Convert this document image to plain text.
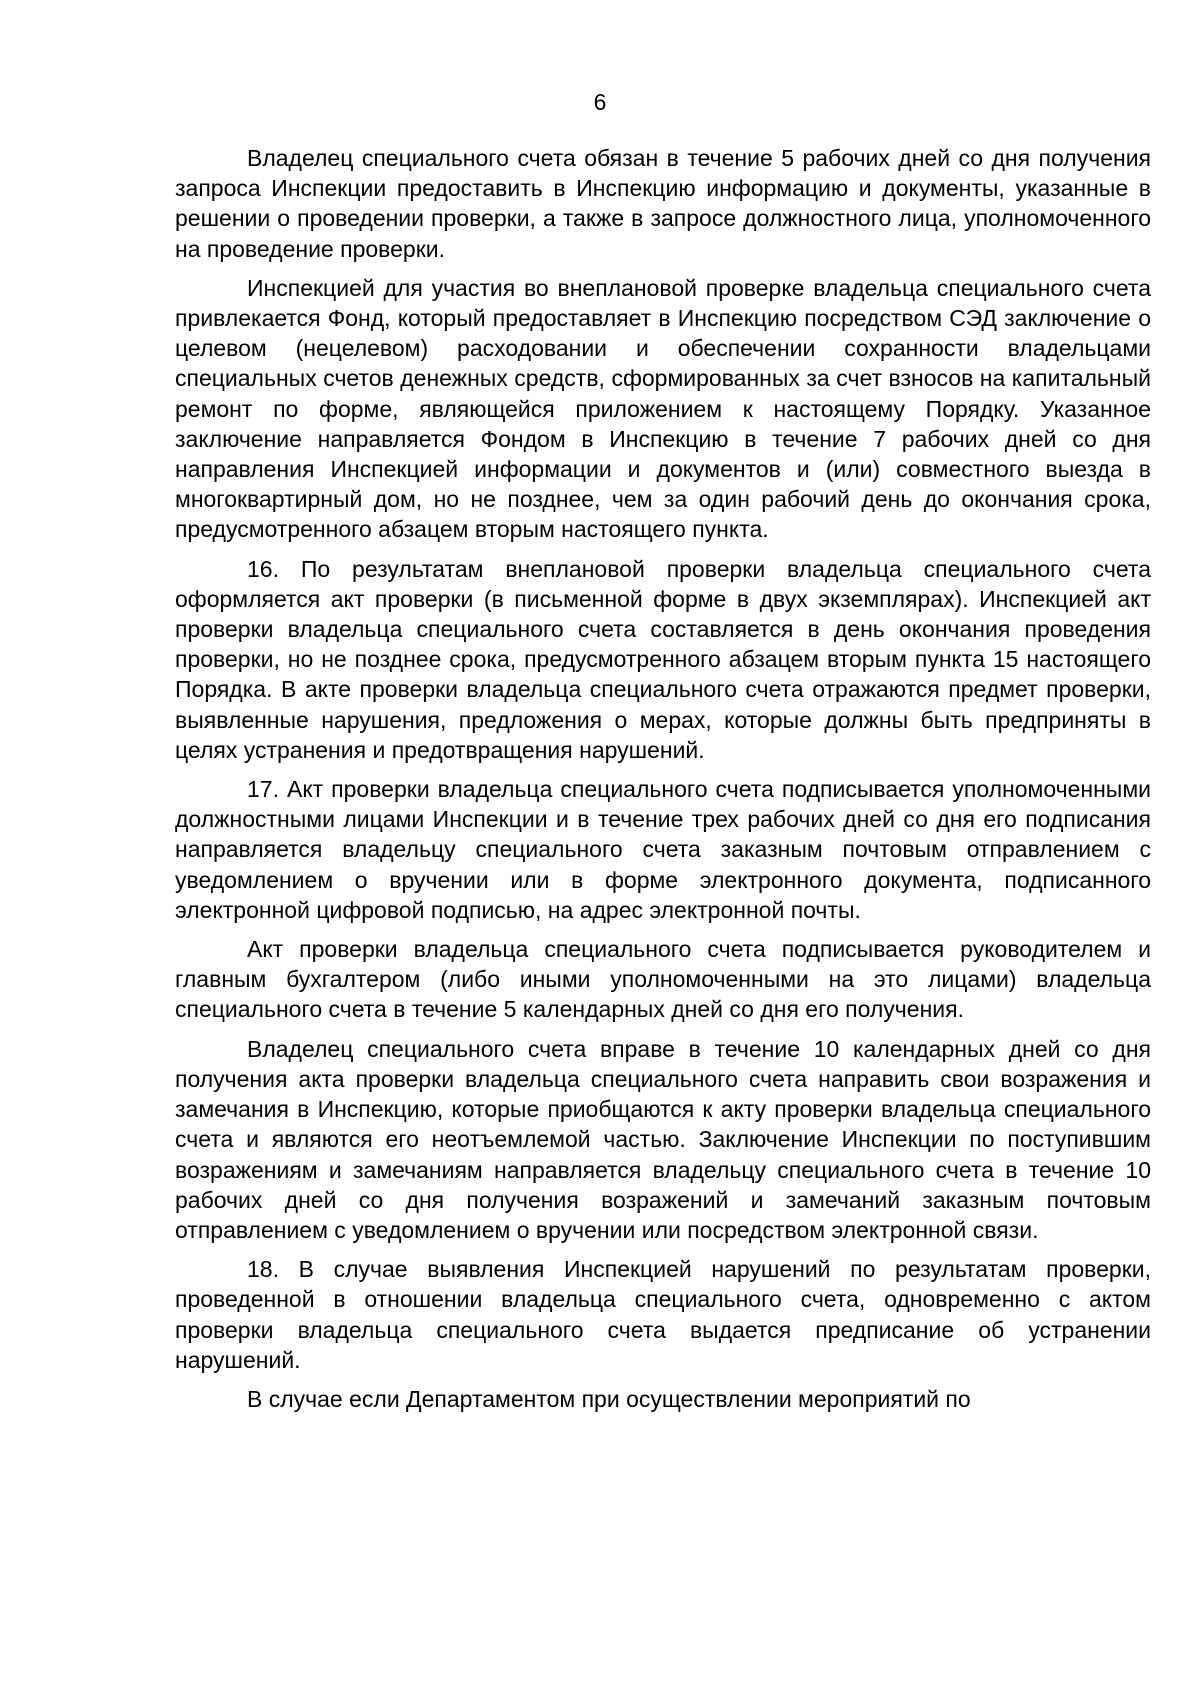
6

Владелец специального счета обязан в течение 5 рабочих дней со дня получения запроса Инспекции предоставить в Инспекцию информацию и документы, указанные в решении о проведении проверки, а также в запросе должностного лица, уполномоченного на проведение проверки.

Инспекцией для участия во внеплановой проверке владельца специального счета привлекается Фонд, который предоставляет в Инспекцию посредством СЭД заключение о целевом (нецелевом) расходовании и обеспечении сохранности владельцами специальных счетов денежных средств, сформированных за счет взносов на капитальный ремонт по форме, являющейся приложением к настоящему Порядку. Указанное заключение направляется Фондом в Инспекцию в течение 7 рабочих дней со дня направления Инспекцией информации и документов и (или) совместного выезда в многоквартирный дом, но не позднее, чем за один рабочий день до окончания срока, предусмотренного абзацем вторым настоящего пункта.

16. По результатам внеплановой проверки владельца специального счета оформляется акт проверки (в письменной форме в двух экземплярах). Инспекцией акт проверки владельца специального счета составляется в день окончания проведения проверки, но не позднее срока, предусмотренного абзацем вторым пункта 15 настоящего Порядка. В акте проверки владельца специального счета отражаются предмет проверки, выявленные нарушения, предложения о мерах, которые должны быть предприняты в целях устранения и предотвращения нарушений.

17. Акт проверки владельца специального счета подписывается уполномоченными должностными лицами Инспекции и в течение трех рабочих дней со дня его подписания направляется владельцу специального счета заказным почтовым отправлением с уведомлением о вручении или в форме электронного документа, подписанного электронной цифровой подписью, на адрес электронной почты.

Акт проверки владельца специального счета подписывается руководителем и главным бухгалтером (либо иными уполномоченными на это лицами) владельца специального счета в течение 5 календарных дней со дня его получения.

Владелец специального счета вправе в течение 10 календарных дней со дня получения акта проверки владельца специального счета направить свои возражения и замечания в Инспекцию, которые приобщаются к акту проверки владельца специального счета и являются его неотъемлемой частью. Заключение Инспекции по поступившим возражениям и замечаниям направляется владельцу специального счета в течение 10 рабочих дней со дня получения возражений и замечаний заказным почтовым отправлением с уведомлением о вручении или посредством электронной связи.

18. В случае выявления Инспекцией нарушений по результатам проверки, проведенной в отношении владельца специального счета, одновременно с актом проверки владельца специального счета выдается предписание об устранении нарушений.

В случае если Департаментом при осуществлении мероприятий по
